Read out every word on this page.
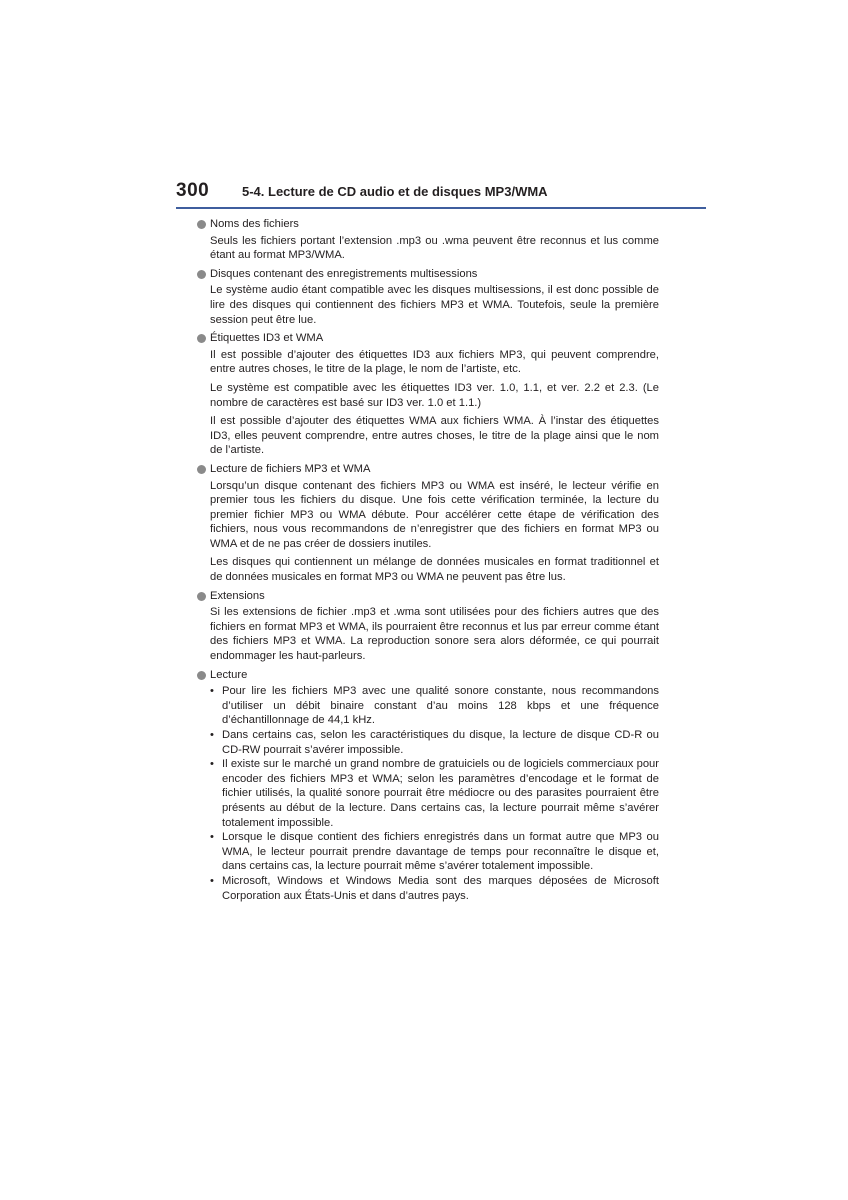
300	5-4. Lecture de CD audio et de disques MP3/WMA
Noms des fichiers

Seuls les fichiers portant l’extension .mp3 ou .wma peuvent être reconnus et lus comme étant au format MP3/WMA.

Disques contenant des enregistrements multisessions

Le système audio étant compatible avec les disques multisessions, il est donc possible de lire des disques qui contiennent des fichiers MP3 et WMA. Toutefois, seule la première session peut être lue.

Étiquettes ID3 et WMA

Il est possible d’ajouter des étiquettes ID3 aux fichiers MP3, qui peuvent comprendre, entre autres choses, le titre de la plage, le nom de l’artiste, etc.

Le système est compatible avec les étiquettes ID3 ver. 1.0, 1.1, et ver. 2.2 et 2.3. (Le nombre de caractères est basé sur ID3 ver. 1.0 et 1.1.)

Il est possible d’ajouter des étiquettes WMA aux fichiers WMA. À l’instar des étiquettes ID3, elles peuvent comprendre, entre autres choses, le titre de la plage ainsi que le nom de l’artiste.

Lecture de fichiers MP3 et WMA

Lorsqu’un disque contenant des fichiers MP3 ou WMA est inséré, le lecteur vérifie en premier tous les fichiers du disque. Une fois cette vérification terminée, la lecture du premier fichier MP3 ou WMA débute. Pour accélérer cette étape de vérification des fichiers, nous vous recommandons de n’enregistrer que des fichiers en format MP3 ou WMA et de ne pas créer de dossiers inutiles.

Les disques qui contiennent un mélange de données musicales en format traditionnel et de données musicales en format MP3 ou WMA ne peuvent pas être lus.

Extensions

Si les extensions de fichier .mp3 et .wma sont utilisées pour des fichiers autres que des fichiers en format MP3 et WMA, ils pourraient être reconnus et lus par erreur comme étant des fichiers MP3 et WMA. La reproduction sonore sera alors déformée, ce qui pourrait endommager les haut-parleurs.

Lecture
• Pour lire les fichiers MP3 avec une qualité sonore constante, nous recommandons d’utiliser un débit binaire constant d’au moins 128 kbps et une fréquence d’échantillonnage de 44,1 kHz.
• Dans certains cas, selon les caractéristiques du disque, la lecture de disque CD-R ou CD-RW pourrait s’avérer impossible.
• Il existe sur le marché un grand nombre de gratuiciels ou de logiciels commerciaux pour encoder des fichiers MP3 et WMA; selon les paramètres d’encodage et le format de fichier utilisés, la qualité sonore pourrait être médiocre ou des parasites pourraient être présents au début de la lecture. Dans certains cas, la lecture pourrait même s’avérer totalement impossible.
• Lorsque le disque contient des fichiers enregistrés dans un format autre que MP3 ou WMA, le lecteur pourrait prendre davantage de temps pour reconnaître le disque et, dans certains cas, la lecture pourrait même s’avérer totalement impossible.
• Microsoft, Windows et Windows Media sont des marques déposées de Microsoft Corporation aux États-Unis et dans d’autres pays.
